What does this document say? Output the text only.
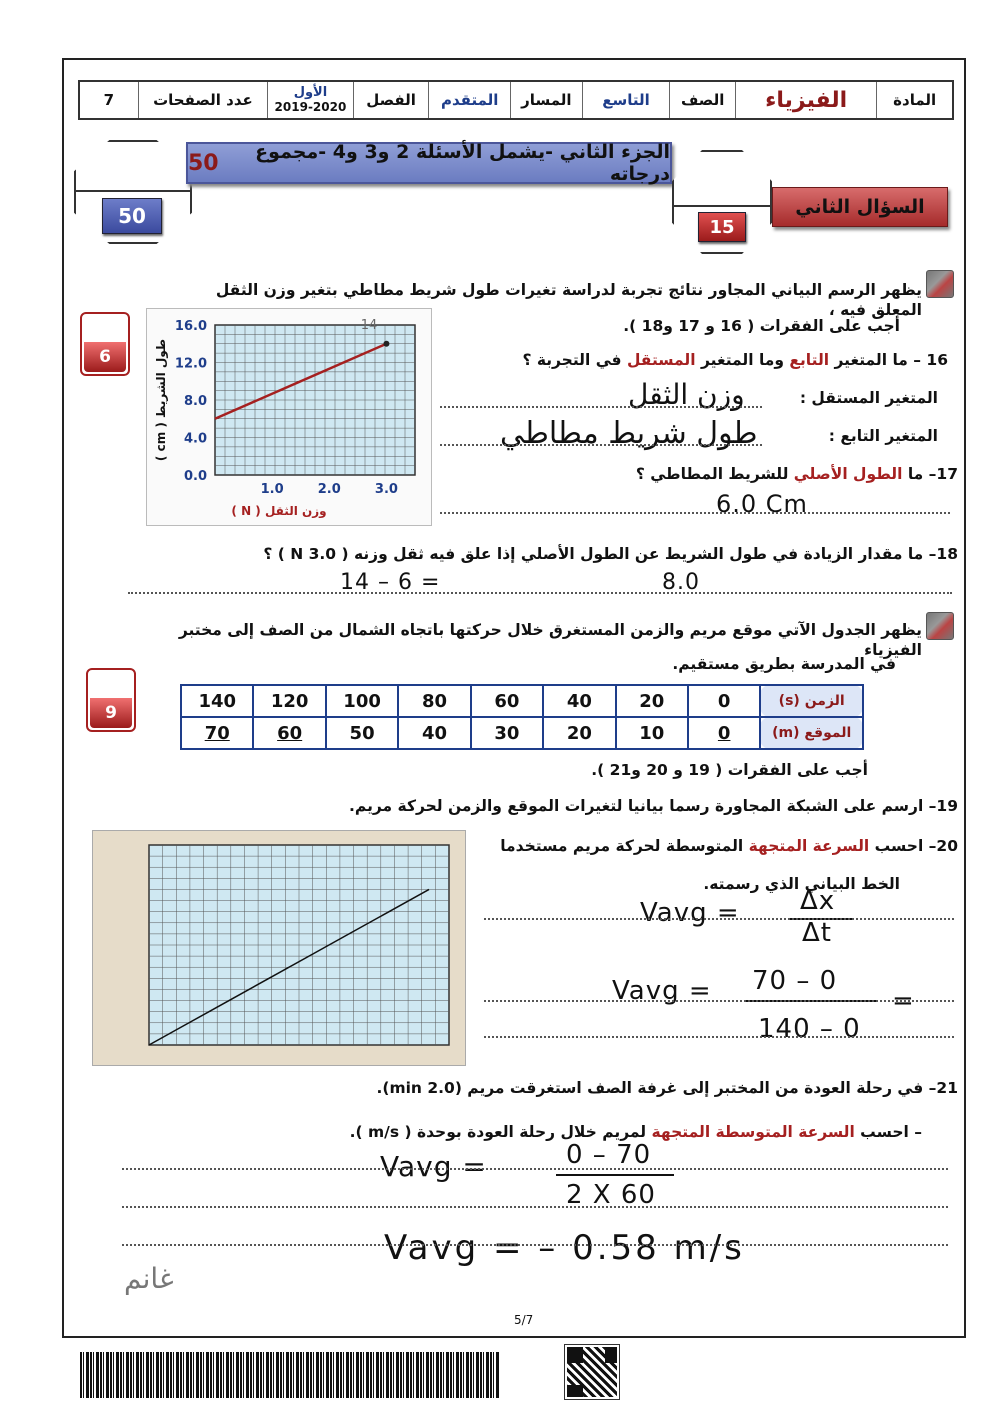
المادة
الفيزياء
الصف
التاسع
المسار
المتقدم
الفصل
الأول
2019-2020
عدد الصفحات
7
50
الجزء الثاني -يشمل الأسئلة 2 و3 و4 -مجموع درجاته
50
15
السؤال الثاني
يظهر الرسم البياني المجاور نتائج تجربة لدراسة تغيرات طول شريط مطاطي بتغير وزن الثقل المعلق فيه ،
أجب على الفقرات ( 16 و 17 و18 ).
6
0.0
4.0
8.0
12.0
16.0
1.0	2.0	3.0
وزن الثقل ( N )
طول الشريط ( cm )
14
16 – ما المتغير التابع وما المتغير المستقل في التجربة ؟
المتغير المستقل :
وزن الثقل
المتغير التابع :
طول شريط مطاطي
17– ما الطول الأصلي للشريط المطاطي ؟
6.0 Cm
18– ما مقدار الزيادة في طول الشريط عن الطول الأصلي إذا علق فيه ثقل وزنه ( 3.0 N ) ؟
14 – 6 =	8.0
يظهر الجدول الآتي موقع مريم والزمن المستغرق خلال حركتها باتجاه الشمال من الصف إلى مختبر الفيزياء
في المدرسة بطريق مستقيم.
9
الزمن (s)	0	20	40	60	80	100	120	140
الموقع (m)	0	10	20	30	40	50	60	70
أجب على الفقرات ( 19 و 20 و21 ).
19– ارسم على الشبكة المجاورة رسما بيانيا لتغيرات الموقع والزمن لحركة مريم.
20– احسب السرعة المتجهة المتوسطة لحركة مريم مستخدما
الخط البياني الذي رسمته.
Vavg = Δx
Δt
Vavg = 70 – 0
=
140 – 0
21– في رحلة العودة من المختبر إلى غرفة الصف استغرقت مريم (2.0 min).
– احسب السرعة المتوسطة المتجهة لمريم خلال رحلة العودة بوحدة ( m/s ).
Vavg =	0 – 70
2 X 60
Vavg = – 0.58 m/s
غانم
5/7
